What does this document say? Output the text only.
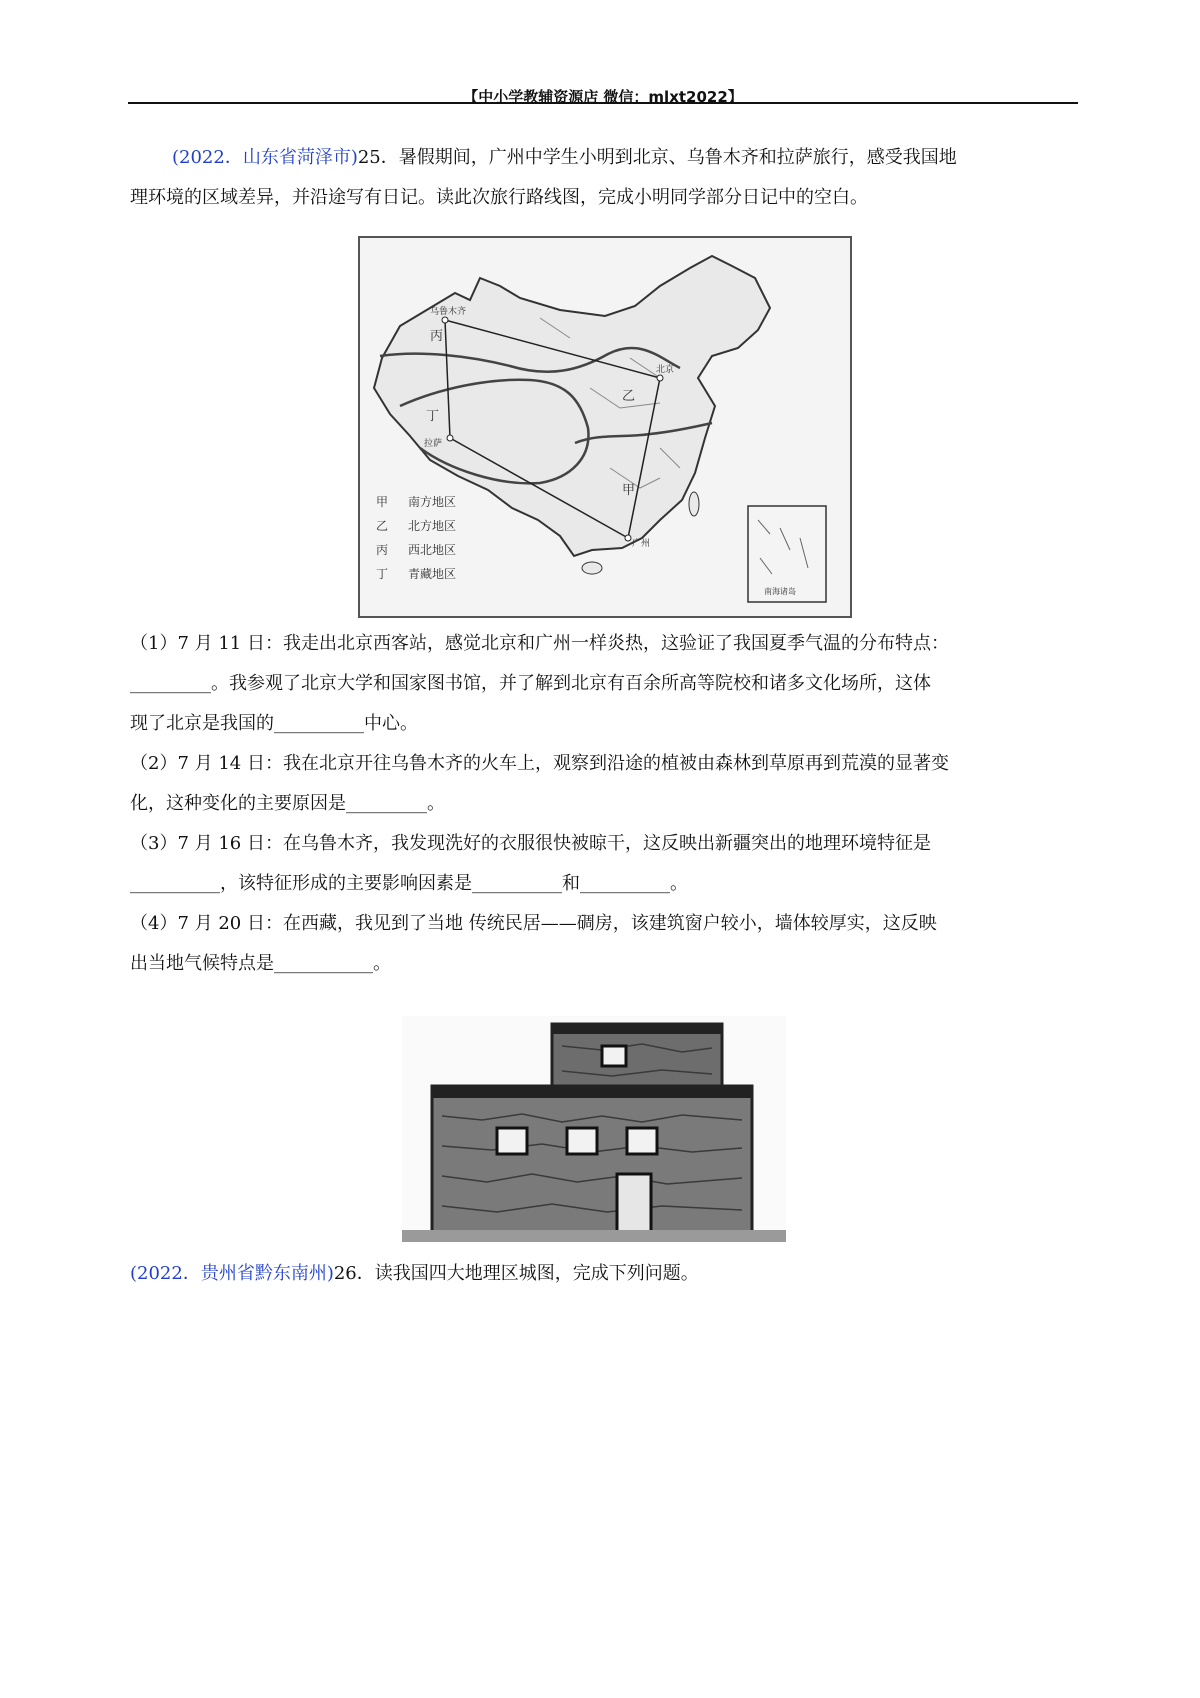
【中小学教辅资源店 微信：mlxt2022】
(2022．山东省菏泽市)25．暑假期间，广州中学生小明到北京、乌鲁木齐和拉萨旅行，感受我国地
理环境的区域差异，并沿途写有日记。读此次旅行路线图，完成小明同学部分日记中的空白。
乌鲁木齐
北京
拉萨
广州
丙
乙
丁
甲
甲 南方地区
乙 北方地区
丙 西北地区
丁 青藏地区
南海诸岛
（1）7 月 11 日：我走出北京西客站，感觉北京和广州一样炎热，这验证了我国夏季气温的分布特点：
_________。我参观了北京大学和国家图书馆，并了解到北京有百余所高等院校和诸多文化场所，这体
现了北京是我国的__________中心。
（2）7 月 14 日：我在北京开往乌鲁木齐的火车上，观察到沿途的植被由森林到草原再到荒漠的显著变
化，这种变化的主要原因是_________。
（3）7 月 16 日：在乌鲁木齐，我发现洗好的衣服很快被晾干，这反映出新疆突出的地理环境特征是
__________，该特征形成的主要影响因素是__________和__________。
（4）7 月 20 日：在西藏，我见到了当地 传统民居——碉房，该建筑窗户较小，墙体较厚实，这反映
出当地气候特点是___________。
(2022．贵州省黔东南州)26．读我国四大地理区城图，完成下列问题。
